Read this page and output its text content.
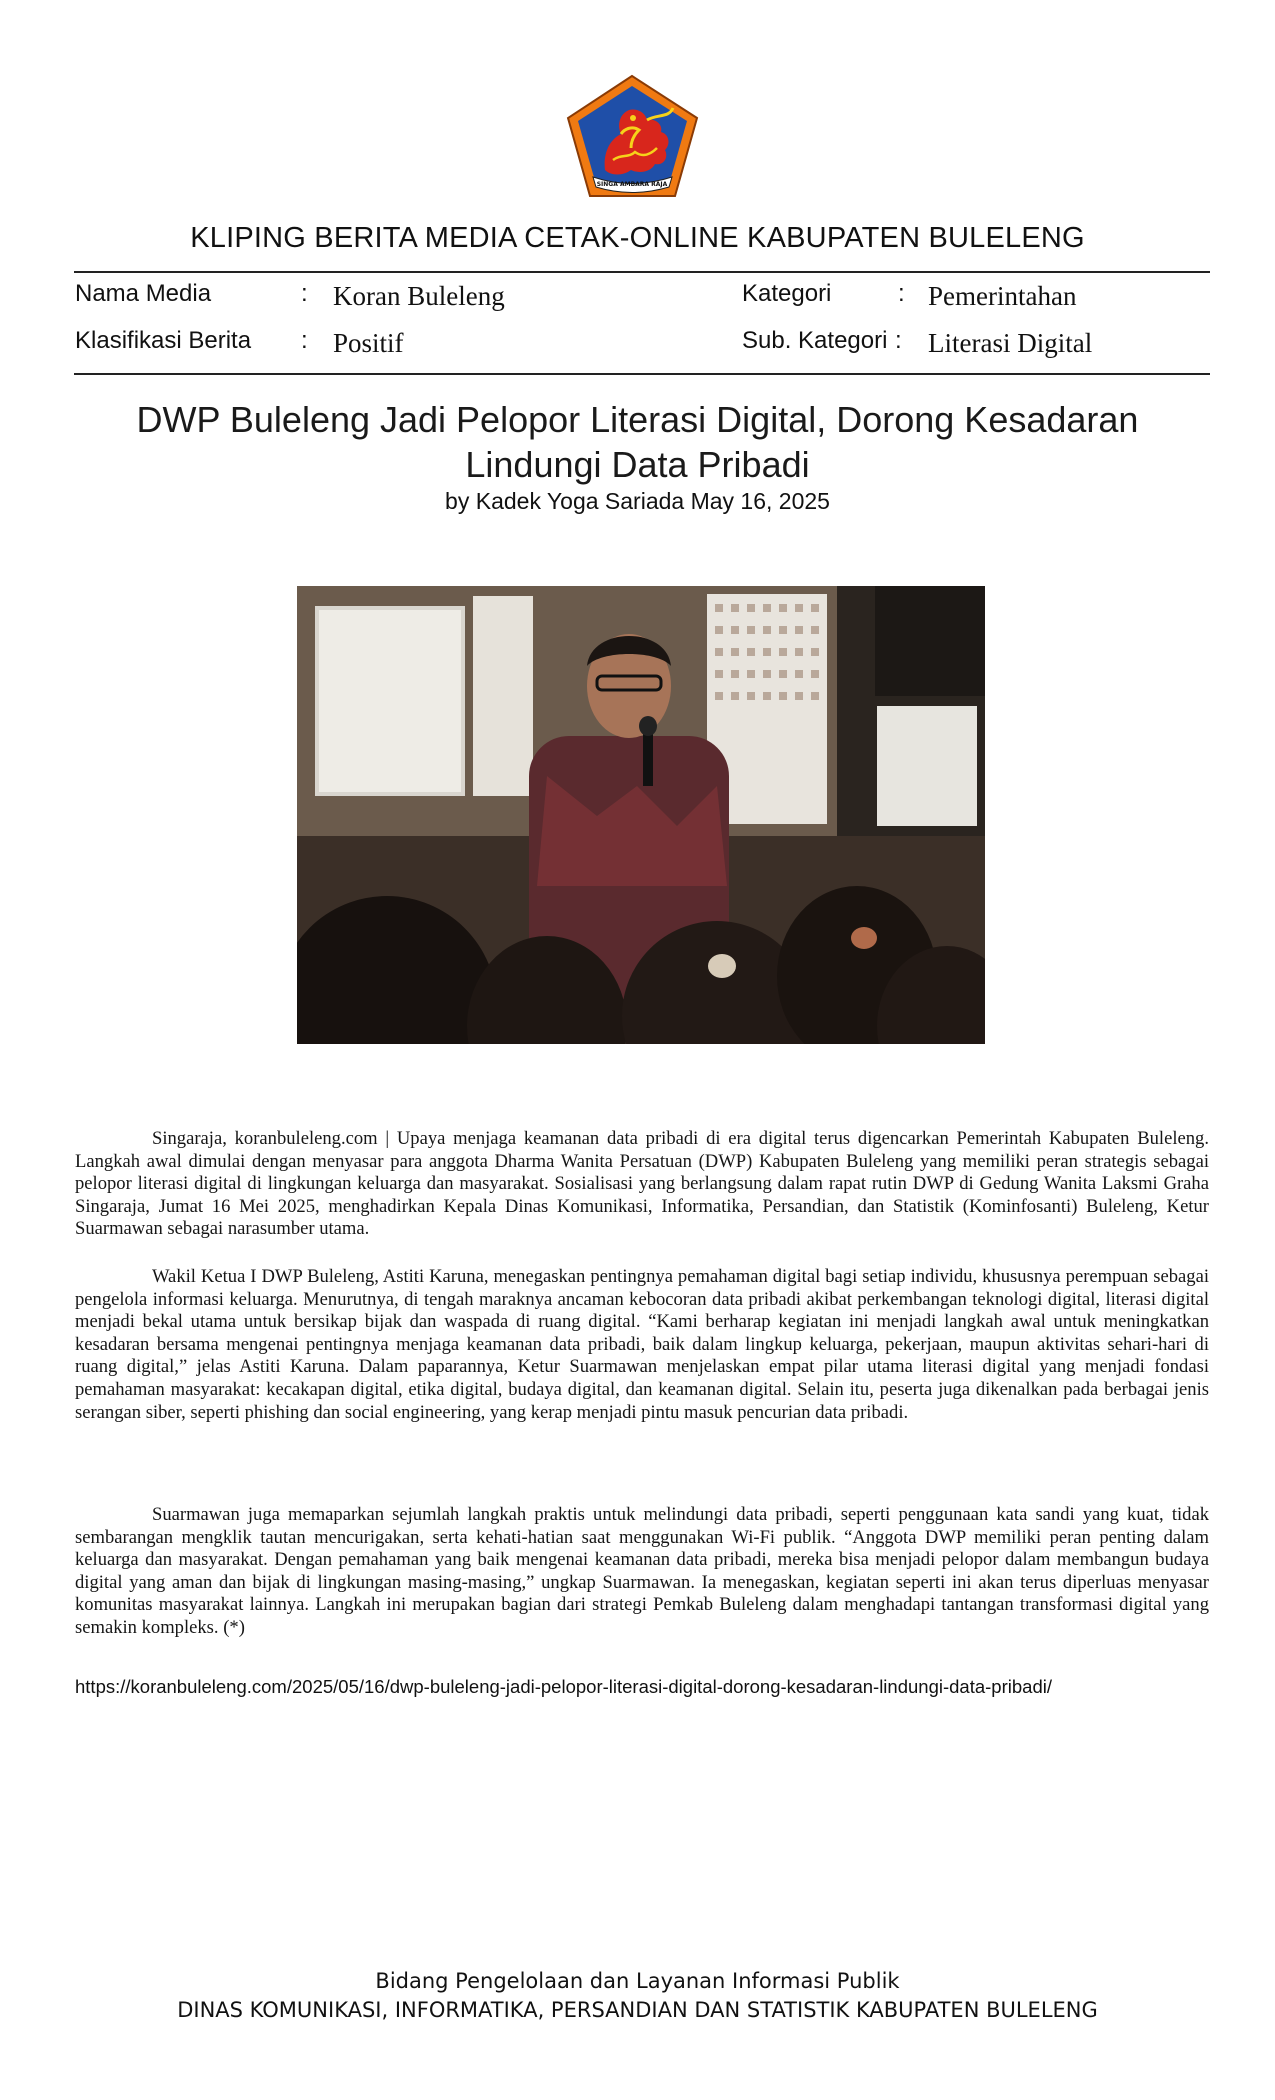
SINGA AMBARA RAJA
KLIPING BERITA MEDIA CETAK-ONLINE KABUPATEN BULELENG
Nama Media	: Koran Buleleng	Kategori	: Pemerintahan
Klasifikasi Berita : Positif	Sub. Kategori : Literasi Digital
DWP Buleleng Jadi Pelopor Literasi Digital, Dorong Kesadaran Lindungi Data Pribadi
by Kadek Yoga Sariada May 16, 2025
Singaraja, koranbuleleng.com | Upaya menjaga keamanan data pribadi di era digital terus digencarkan Pemerintah Kabupaten Buleleng. Langkah awal dimulai dengan menyasar para anggota Dharma Wanita Persatuan (DWP) Kabupaten Buleleng yang memiliki peran strategis sebagai pelopor literasi digital di lingkungan keluarga dan masyarakat. Sosialisasi yang berlangsung dalam rapat rutin DWP di Gedung Wanita Laksmi Graha Singaraja, Jumat 16 Mei 2025, menghadirkan Kepala Dinas Komunikasi, Informatika, Persandian, dan Statistik (Kominfosanti) Buleleng, Ketur Suarmawan sebagai narasumber utama.
Wakil Ketua I DWP Buleleng, Astiti Karuna, menegaskan pentingnya pemahaman digital bagi setiap individu, khususnya perempuan sebagai pengelola informasi keluarga. Menurutnya, di tengah maraknya ancaman kebocoran data pribadi akibat perkembangan teknologi digital, literasi digital menjadi bekal utama untuk bersikap bijak dan waspada di ruang digital. “Kami berharap kegiatan ini menjadi langkah awal untuk meningkatkan kesadaran bersama mengenai pentingnya menjaga keamanan data pribadi, baik dalam lingkup keluarga, pekerjaan, maupun aktivitas sehari-hari di ruang digital,” jelas Astiti Karuna. Dalam paparannya, Ketur Suarmawan menjelaskan empat pilar utama literasi digital yang menjadi fondasi pemahaman masyarakat: kecakapan digital, etika digital, budaya digital, dan keamanan digital. Selain itu, peserta juga dikenalkan pada berbagai jenis serangan siber, seperti phishing dan social engineering, yang kerap menjadi pintu masuk pencurian data pribadi.
Suarmawan juga memaparkan sejumlah langkah praktis untuk melindungi data pribadi, seperti penggunaan kata sandi yang kuat, tidak sembarangan mengklik tautan mencurigakan, serta kehati-hatian saat menggunakan Wi-Fi publik. “Anggota DWP memiliki peran penting dalam keluarga dan masyarakat. Dengan pemahaman yang baik mengenai keamanan data pribadi, mereka bisa menjadi pelopor dalam membangun budaya digital yang aman dan bijak di lingkungan masing-masing,” ungkap Suarmawan. Ia menegaskan, kegiatan seperti ini akan terus diperluas menyasar komunitas masyarakat lainnya. Langkah ini merupakan bagian dari strategi Pemkab Buleleng dalam menghadapi tantangan transformasi digital yang semakin kompleks. (*)
https://koranbuleleng.com/2025/05/16/dwp-buleleng-jadi-pelopor-literasi-digital-dorong-kesadaran-lindungi-data-pribadi/
Bidang Pengelolaan dan Layanan Informasi Publik
DINAS KOMUNIKASI, INFORMATIKA, PERSANDIAN DAN STATISTIK KABUPATEN BULELENG
